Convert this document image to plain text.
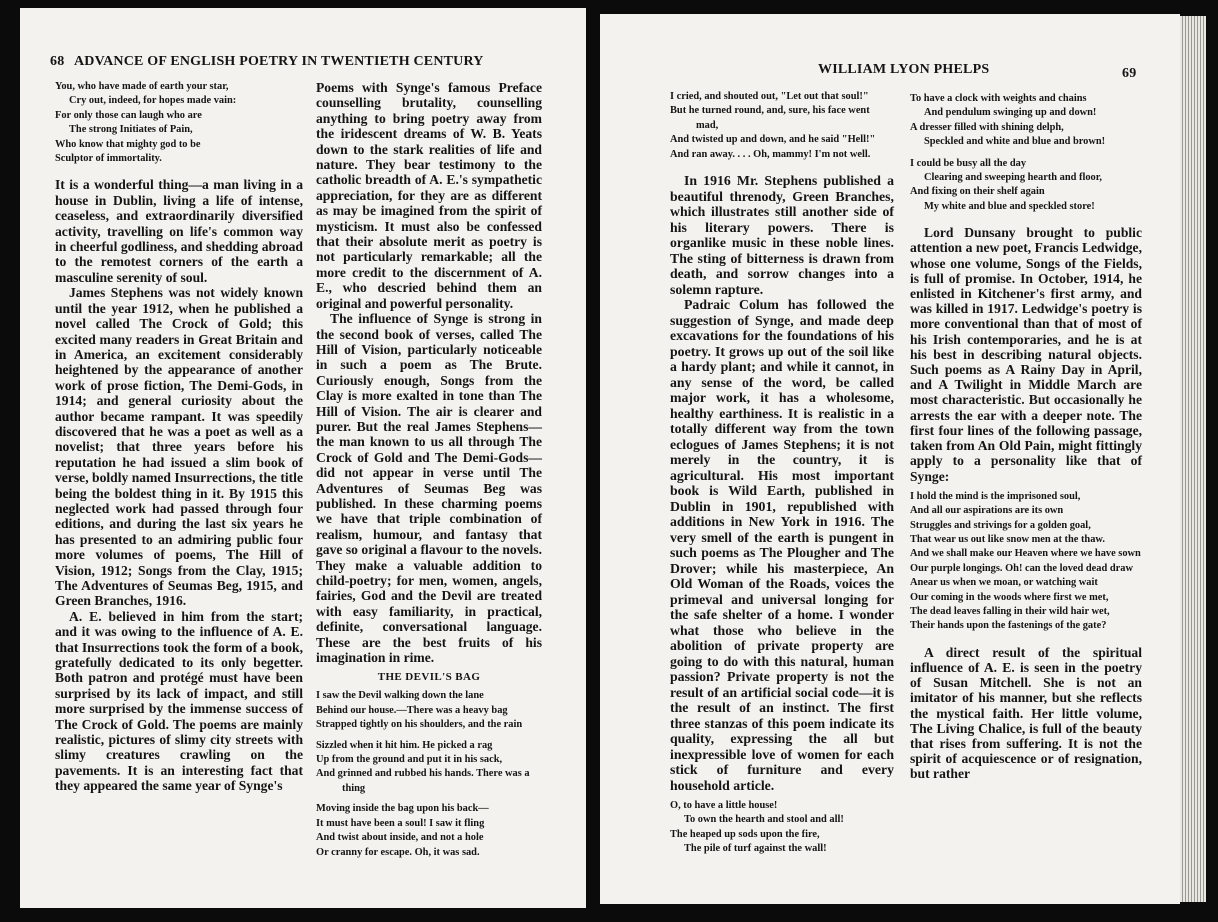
68 ADVANCE OF ENGLISH POETRY IN TWENTIETH CENTURY
You, who have made of earth your star,
Cry out, indeed, for hopes made vain:
For only those can laugh who are
The strong Initiates of Pain,
Who know that mighty god to be
Sculptor of immortality.

It is a wonderful thing—a man living in a house in Dublin, living a life of intense, ceaseless, and extraordinarily diversified activity, travelling on life's common way in cheerful godliness, and shedding abroad to the remotest corners of the earth a masculine serenity of soul.

James Stephens was not widely known until the year 1912, when he published a novel called The Crock of Gold; this excited many readers in Great Britain and in America, an excitement considerably heightened by the appearance of another work of prose fiction, The Demi-Gods, in 1914; and general curiosity about the author became rampant. It was speedily discovered that he was a poet as well as a novelist; that three years before his reputation he had issued a slim book of verse, boldly named Insurrections, the title being the boldest thing in it. By 1915 this neglected work had passed through four editions, and during the last six years he has presented to an admiring public four more volumes of poems, The Hill of Vision, 1912; Songs from the Clay, 1915; The Adventures of Seumas Beg, 1915, and Green Branches, 1916.

A. E. believed in him from the start; and it was owing to the influence of A. E. that Insurrections took the form of a book, gratefully dedicated to its only begetter. Both patron and protégé must have been surprised by its lack of impact, and still more surprised by the immense success of The Crock of Gold. The poems are mainly realistic, pictures of slimy city streets with slimy creatures crawling on the pavements. It is an interesting fact that they appeared the same year of Synge's

Poems with Synge's famous Preface counselling brutality, counselling anything to bring poetry away from the iridescent dreams of W. B. Yeats down to the stark realities of life and nature. They bear testimony to the catholic breadth of A. E.'s sympathetic appreciation, for they are as different as may be imagined from the spirit of mysticism. It must also be confessed that their absolute merit as poetry is not particularly remarkable; all the more credit to the discernment of A. E., who descried behind them an original and powerful personality.

The influence of Synge is strong in the second book of verses, called The Hill of Vision, particularly noticeable in such a poem as The Brute. Curiously enough, Songs from the Clay is more exalted in tone than The Hill of Vision. The air is clearer and purer. But the real James Stephens—the man known to us all through The Crock of Gold and The Demi-Gods—did not appear in verse until The Adventures of Seumas Beg was published. In these charming poems we have that triple combination of realism, humour, and fantasy that gave so original a flavour to the novels. They make a valuable addition to child-poetry; for men, women, angels, fairies, God and the Devil are treated with easy familiarity, in practical, definite, conversational language. These are the best fruits of his imagination in rime.

THE DEVIL'S BAG
I saw the Devil walking down the lane
Behind our house.—There was a heavy bag
Strapped tightly on his shoulders, and the rain
Sizzled when it hit him. He picked a rag
Up from the ground and put it in his sack,
And grinned and rubbed his hands. There was a thing
Moving inside the bag upon his back—
It must have been a soul! I saw it fling
And twist about inside, and not a hole
Or cranny for escape. Oh, it was sad.
WILLIAM LYON PHELPS	69
I cried, and shouted out, "Let out that soul!"
But he turned round, and, sure, his face went mad,
And twisted up and down, and he said "Hell!"
And ran away. . . . Oh, mammy! I'm not well.

In 1916 Mr. Stephens published a beautiful threnody, Green Branches, which illustrates still another side of his literary powers. There is organlike music in these noble lines. The sting of bitterness is drawn from death, and sorrow changes into a solemn rapture.

Padraic Colum has followed the suggestion of Synge, and made deep excavations for the foundations of his poetry. It grows up out of the soil like a hardy plant; and while it cannot, in any sense of the word, be called major work, it has a wholesome, healthy earthiness. It is realistic in a totally different way from the town eclogues of James Stephens; it is not merely in the country, it is agricultural. His most important book is Wild Earth, published in Dublin in 1901, republished with additions in New York in 1916. The very smell of the earth is pungent in such poems as The Plougher and The Drover; while his masterpiece, An Old Woman of the Roads, voices the primeval and universal longing for the safe shelter of a home. I wonder what those who believe in the abolition of private property are going to do with this natural, human passion? Private property is not the result of an artificial social code—it is the result of an instinct. The first three stanzas of this poem indicate its quality, expressing the all but inexpressible love of women for each stick of furniture and every household article.

O, to have a little house!
To own the hearth and stool and all!
The heaped up sods upon the fire,
The pile of turf against the wall!
To have a clock with weights and chains
And pendulum swinging up and down!
A dresser filled with shining delph,
Speckled and white and blue and brown!
I could be busy all the day
Clearing and sweeping hearth and floor,
And fixing on their shelf again
My white and blue and speckled store!

Lord Dunsany brought to public attention a new poet, Francis Ledwidge, whose one volume, Songs of the Fields, is full of promise. In October, 1914, he enlisted in Kitchener's first army, and was killed in 1917. Ledwidge's poetry is more conventional than that of most of his Irish contemporaries, and he is at his best in describing natural objects. Such poems as A Rainy Day in April, and A Twilight in Middle March are most characteristic. But occasionally he arrests the ear with a deeper note. The first four lines of the following passage, taken from An Old Pain, might fittingly apply to a personality like that of Synge:

I hold the mind is the imprisoned soul,
And all our aspirations are its own
Struggles and strivings for a golden goal,
That wear us out like snow men at the thaw.
And we shall make our Heaven where we have sown
Our purple longings. Oh! can the loved dead draw
Anear us when we moan, or watching wait
Our coming in the woods where first we met,
The dead leaves falling in their wild hair wet,
Their hands upon the fastenings of the gate?

A direct result of the spiritual influence of A. E. is seen in the poetry of Susan Mitchell. She is not an imitator of his manner, but she reflects the mystical faith. Her little volume, The Living Chalice, is full of the beauty that rises from suffering. It is not the spirit of acquiescence or of resignation, but rather
